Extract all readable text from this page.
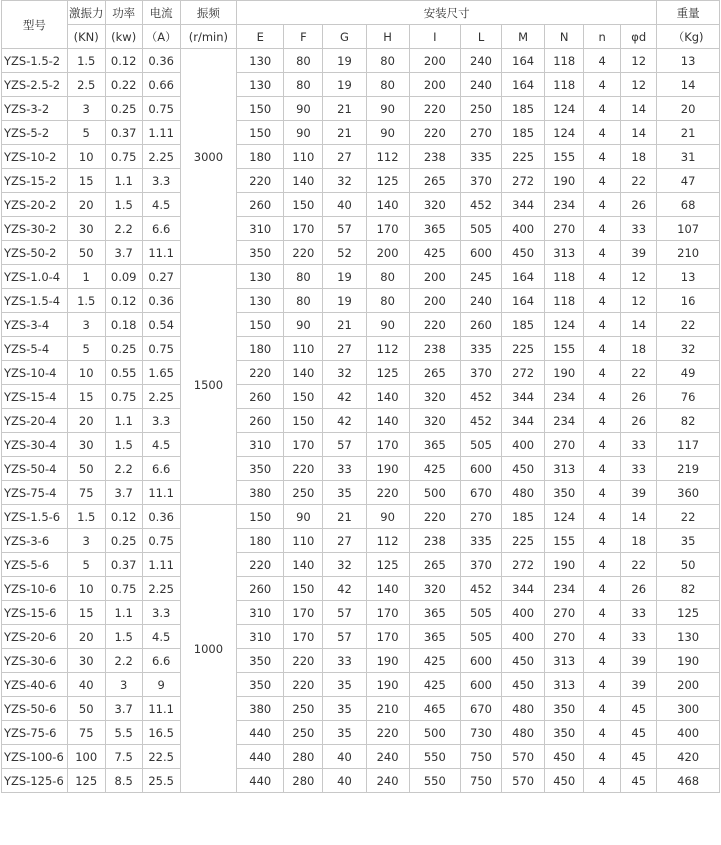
型号	激振力	功率	电流	振频	安装尺寸										重量
	(KN)	(kw)	（A）	(r/min)	E	F	G	H	I	L	M	N	n	φd	（Kg)
YZS-1.5-2	1.5	0.12	0.36	3000	130	80	19	80	200	240	164	118	4	12	13
YZS-2.5-2	2.5	0.22	0.66		130	80	19	80	200	240	164	118	4	12	14
YZS-3-2	3	0.25	0.75		150	90	21	90	220	250	185	124	4	14	20
YZS-5-2	5	0.37	1.11		150	90	21	90	220	270	185	124	4	14	21
YZS-10-2	10	0.75	2.25		180	110	27	112	238	335	225	155	4	18	31
YZS-15-2	15	1.1	3.3		220	140	32	125	265	370	272	190	4	22	47
YZS-20-2	20	1.5	4.5		260	150	40	140	320	452	344	234	4	26	68
YZS-30-2	30	2.2	6.6		310	170	57	170	365	505	400	270	4	33	107
YZS-50-2	50	3.7	11.1		350	220	52	200	425	600	450	313	4	39	210
YZS-1.0-4	1	0.09	0.27	1500	130	80	19	80	200	245	164	118	4	12	13
YZS-1.5-4	1.5	0.12	0.36		130	80	19	80	200	240	164	118	4	12	16
YZS-3-4	3	0.18	0.54		150	90	21	90	220	260	185	124	4	14	22
YZS-5-4	5	0.25	0.75		180	110	27	112	238	335	225	155	4	18	32
YZS-10-4	10	0.55	1.65		220	140	32	125	265	370	272	190	4	22	49
YZS-15-4	15	0.75	2.25		260	150	42	140	320	452	344	234	4	26	76
YZS-20-4	20	1.1	3.3		260	150	42	140	320	452	344	234	4	26	82
YZS-30-4	30	1.5	4.5		310	170	57	170	365	505	400	270	4	33	117
YZS-50-4	50	2.2	6.6		350	220	33	190	425	600	450	313	4	33	219
YZS-75-4	75	3.7	11.1		380	250	35	220	500	670	480	350	4	39	360
YZS-1.5-6	1.5	0.12	0.36	1000	150	90	21	90	220	270	185	124	4	14	22
YZS-3-6	3	0.25	0.75		180	110	27	112	238	335	225	155	4	18	35
YZS-5-6	5	0.37	1.11		220	140	32	125	265	370	272	190	4	22	50
YZS-10-6	10	0.75	2.25		260	150	42	140	320	452	344	234	4	26	82
YZS-15-6	15	1.1	3.3		310	170	57	170	365	505	400	270	4	33	125
YZS-20-6	20	1.5	4.5		310	170	57	170	365	505	400	270	4	33	130
YZS-30-6	30	2.2	6.6		350	220	33	190	425	600	450	313	4	39	190
YZS-40-6	40	3	9		350	220	35	190	425	600	450	313	4	39	200
YZS-50-6	50	3.7	11.1		380	250	35	210	465	670	480	350	4	45	300
YZS-75-6	75	5.5	16.5		440	250	35	220	500	730	480	350	4	45	400
YZS-100-6	100	7.5	22.5		440	280	40	240	550	750	570	450	4	45	420
YZS-125-6	125	8.5	25.5		440	280	40	240	550	750	570	450	4	45	468
